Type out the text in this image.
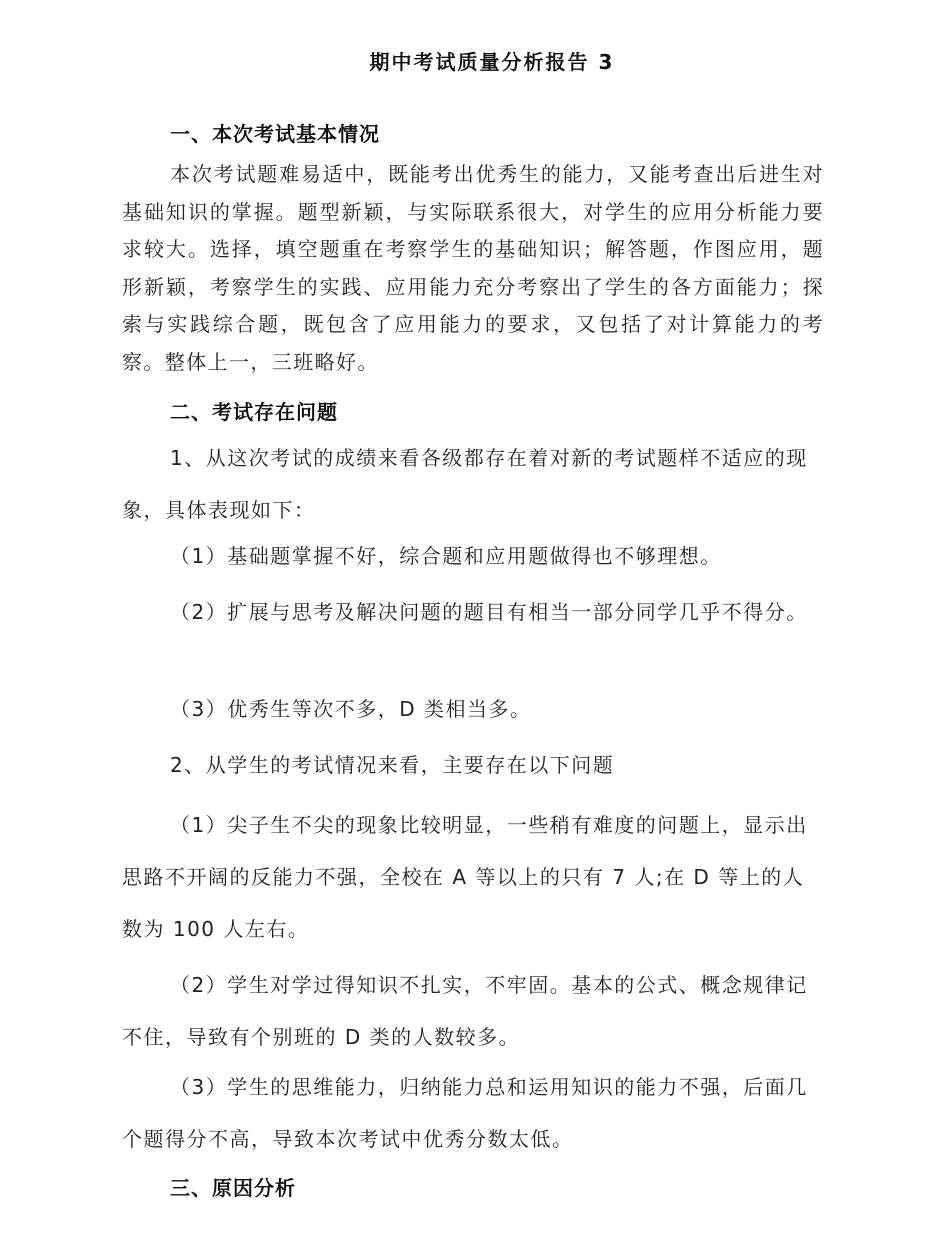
期中考试质量分析报告 3
一、本次考试基本情况

本次考试题难易适中，既能考出优秀生的能力，又能考查出后进生对基础知识的掌握。题型新颖，与实际联系很大，对学生的应用分析能力要求较大。选择，填空题重在考察学生的基础知识；解答题，作图应用，题形新颖，考察学生的实践、应用能力充分考察出了学生的各方面能力；探索与实践综合题，既包含了应用能力的要求，又包括了对计算能力的考察。整体上一，三班略好。

二、考试存在问题

1、从这次考试的成绩来看各级都存在着对新的考试题样不适应的现象，具体表现如下：

（1）基础题掌握不好，综合题和应用题做得也不够理想。

（2）扩展与思考及解决问题的题目有相当一部分同学几乎不得分。

（3）优秀生等次不多，D 类相当多。

2、从学生的考试情况来看，主要存在以下问题

（1）尖子生不尖的现象比较明显，一些稍有难度的问题上，显示出思路不开阔的反能力不强，全校在 A 等以上的只有 7 人;在 D 等上的人数为 100 人左右。

（2）学生对学过得知识不扎实，不牢固。基本的公式、概念规律记不住，导致有个别班的 D 类的人数较多。

（3）学生的思维能力，归纳能力总和运用知识的能力不强，后面几个题得分不高，导致本次考试中优秀分数太低。

三、原因分析
